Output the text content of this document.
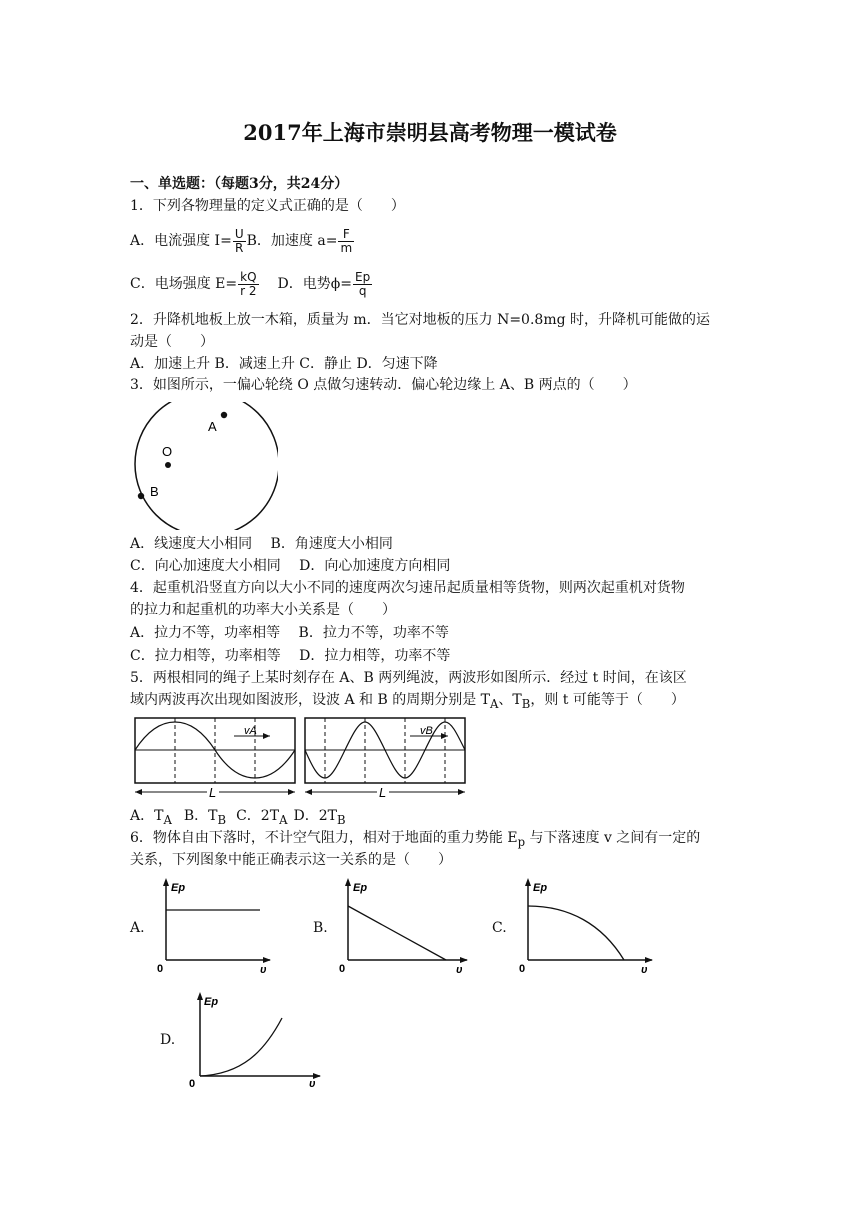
2017年上海市崇明县高考物理一模试卷
一、单选题：（每题3分，共24分）
1．下列各物理量的定义式正确的是（　　）
A．电流强度 $I= \frac{U}{R}$ B．加速度 $a= \frac{F}{m}$
C．电场强度 $E= \frac{kQ}{r 2}$ D．电势$\phi= \frac{Ep}{q}$
2．升降机地板上放一木箱，质量为 m．当它对地板的压力 N=0.8mg 时，升降机可能做的运
动是（　　）
A．加速上升 B．减速上升 C．静止 D．匀速下降
3．如图所示，一偏心轮绕 O 点做匀速转动．偏心轮边缘上 A、B 两点的（　　）
A
O
B
A．线速度大小相同　 B．角速度大小相同
C．向心加速度大小相同　 D．向心加速度方向相同
4．起重机沿竖直方向以大小不同的速度两次匀速吊起质量相等货物，则两次起重机对货物
的拉力和起重机的功率大小关系是（　　）
A．拉力不等，功率相等　 B．拉力不等，功率不等
C．拉力相等，功率相等　 D．拉力相等，功率不等
5．两根相同的绳子上某时刻存在 A、B 两列绳波，两波形如图所示．经过 t 时间，在该区
域内两波再次出现如图波形，设波 A 和 B 的周期分别是 $T_A$、$T_B$，则 t 可能等于（　　）
vA
L
vB
L
A．$T_A$ B．$T_B$ C．$2T_A$ D．$2T_B$
6．物体自由下落时，不计空气阻力，相对于地面的重力势能 $E_p$ 与下落速度 v 之间有一定的
关系，下列图象中能正确表示这一关系的是（　　）
A.
Ep
0	υ
B.
Ep
0	υ
C.
Ep
0	υ
D.
Ep
0	υ
